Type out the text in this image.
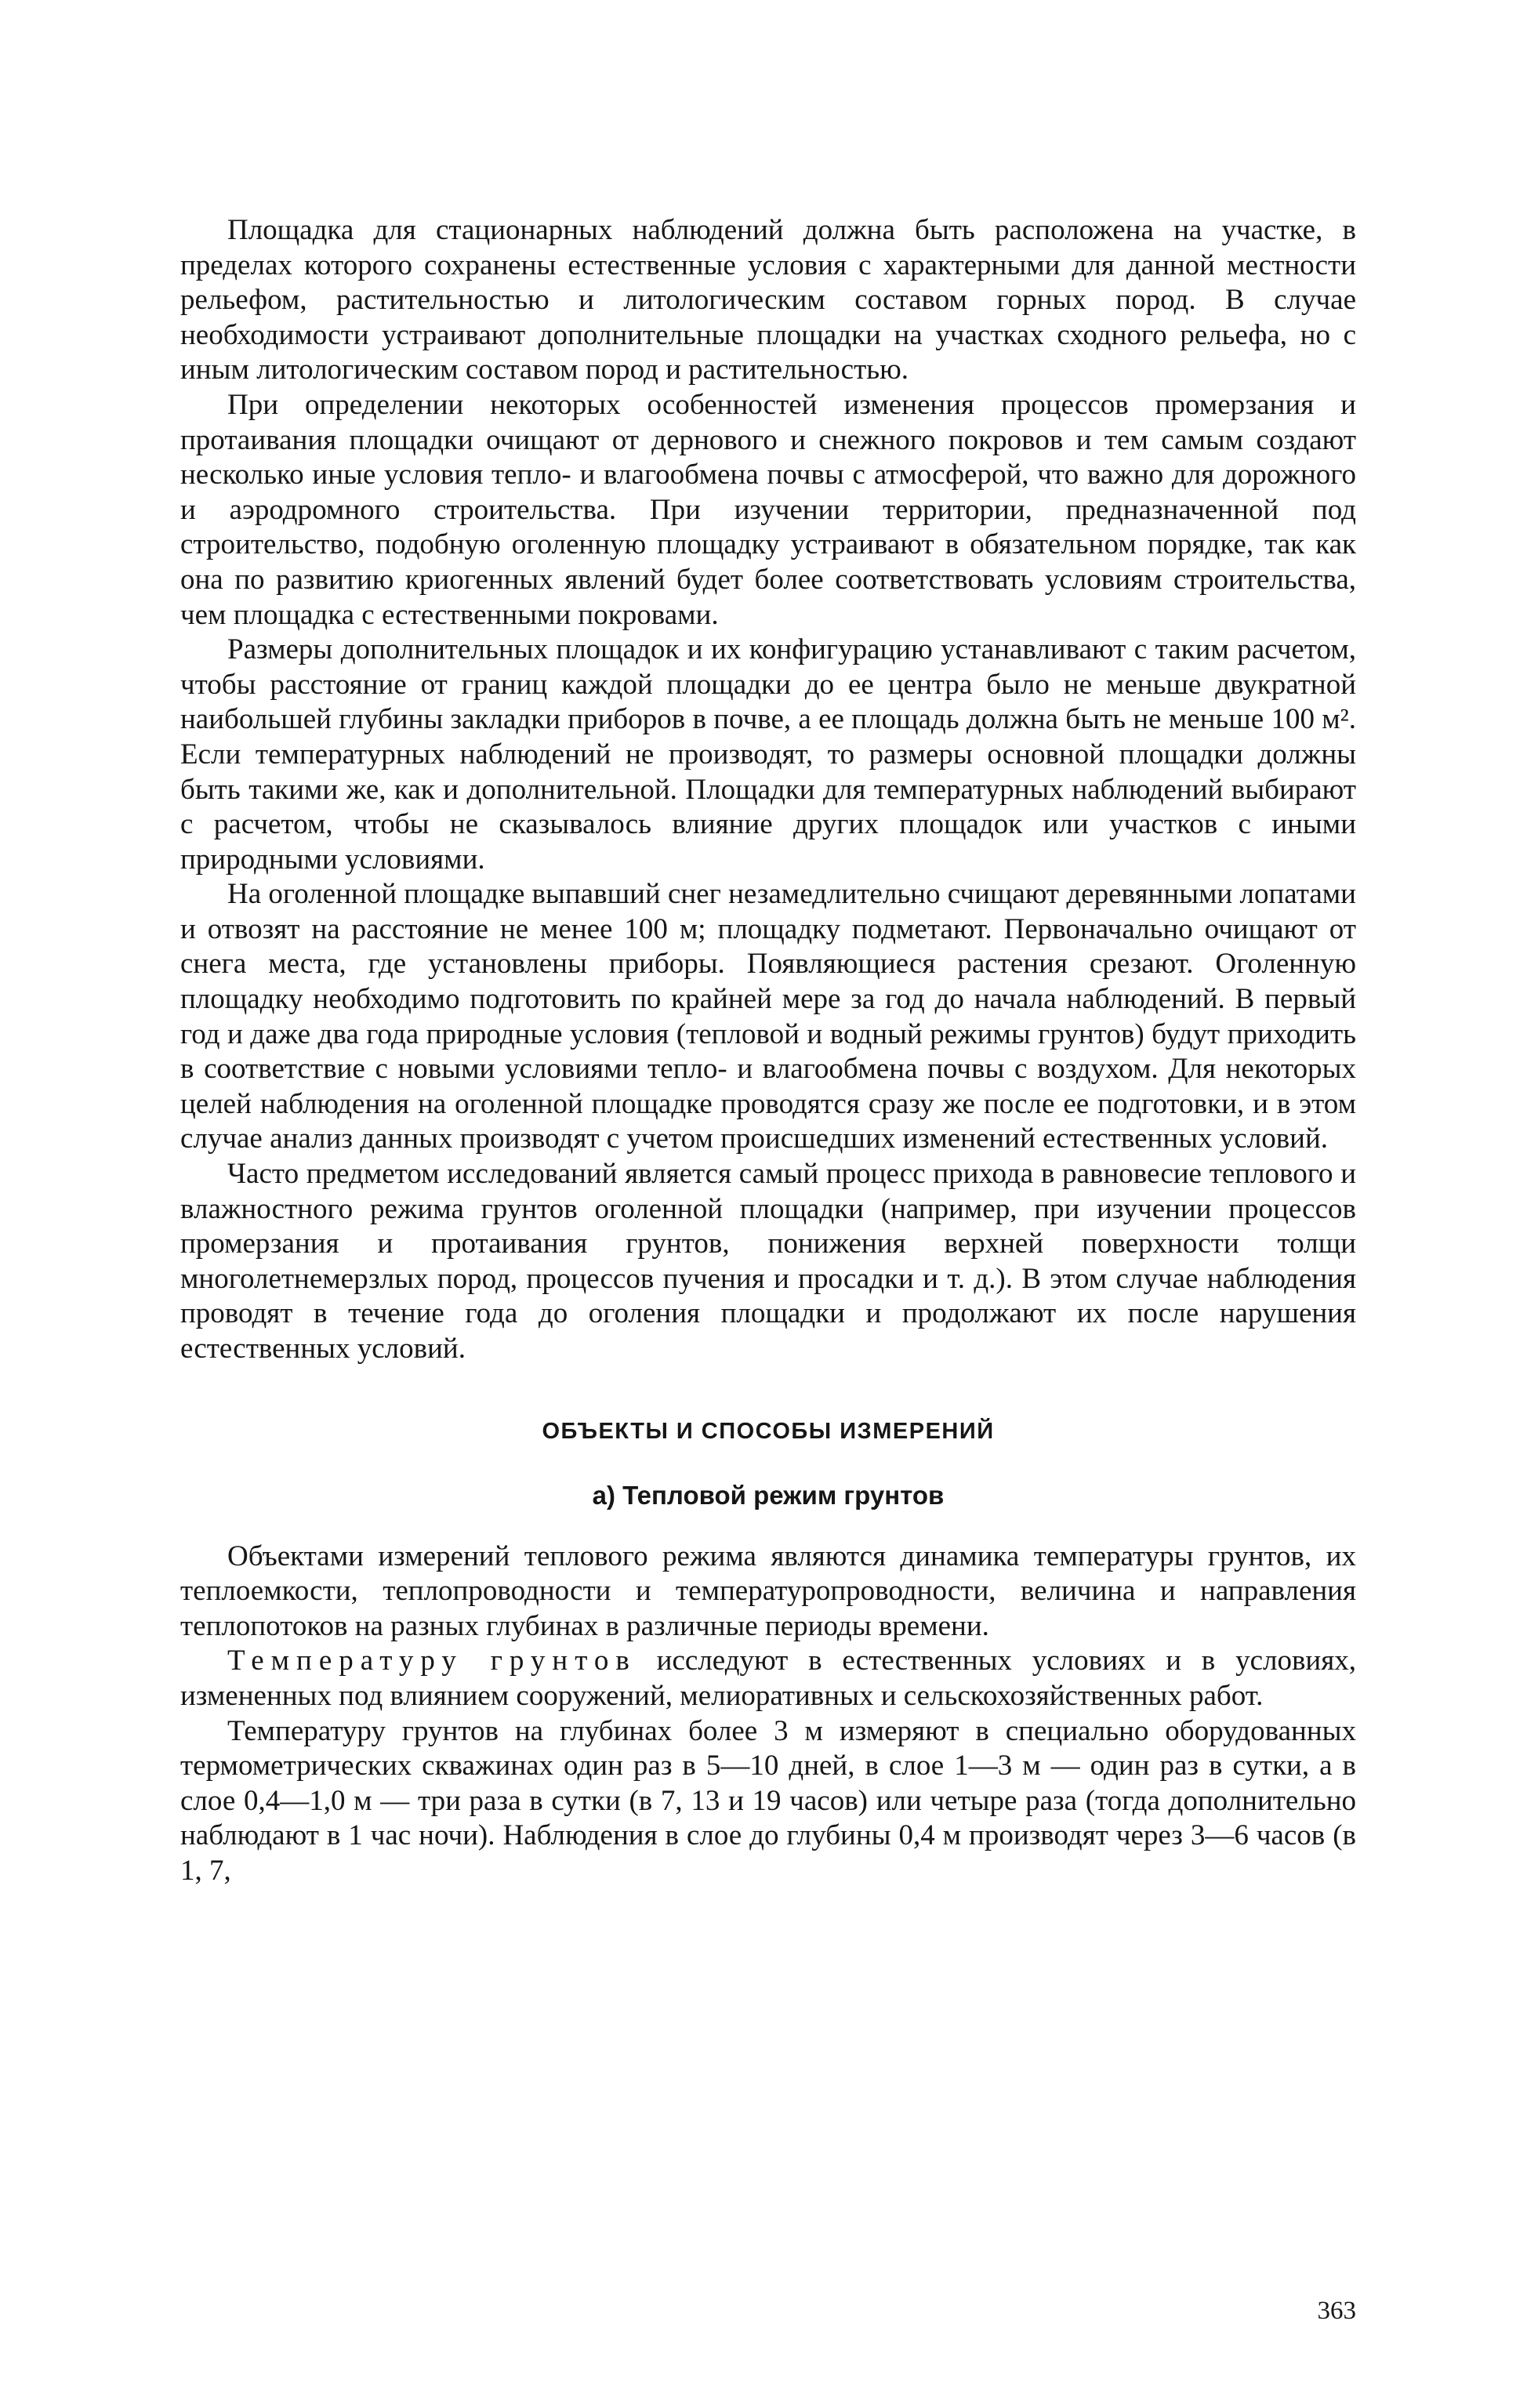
Площадка для стационарных наблюдений должна быть расположена на участке, в пределах которого сохранены естественные условия с характерными для данной местности рельефом, растительностью и литологическим составом горных пород. В случае необходимости устраивают дополнительные площадки на участках сходного рельефа, но с иным литологическим составом пород и растительностью.

При определении некоторых особенностей изменения процессов промерзания и протаивания площадки очищают от дернового и снежного покровов и тем самым создают несколько иные условия тепло- и влагообмена почвы с атмосферой, что важно для дорожного и аэродромного строительства. При изучении территории, предназначенной под строительство, подобную оголенную площадку устраивают в обязательном порядке, так как она по развитию криогенных явлений будет более соответствовать условиям строительства, чем площадка с естественными покровами.

Размеры дополнительных площадок и их конфигурацию устанавливают с таким расчетом, чтобы расстояние от границ каждой площадки до ее центра было не меньше двукратной наибольшей глубины закладки приборов в почве, а ее площадь должна быть не меньше 100 м². Если температурных наблюдений не производят, то размеры основной площадки должны быть такими же, как и дополнительной. Площадки для температурных наблюдений выбирают с расчетом, чтобы не сказывалось влияние других площадок или участков с иными природными условиями.

На оголенной площадке выпавший снег незамедлительно счищают деревянными лопатами и отвозят на расстояние не менее 100 м; площадку подметают. Первоначально очищают от снега места, где установлены приборы. Появляющиеся растения срезают. Оголенную площадку необходимо подготовить по крайней мере за год до начала наблюдений. В первый год и даже два года природные условия (тепловой и водный режимы грунтов) будут приходить в соответствие с новыми условиями тепло- и влагообмена почвы с воздухом. Для некоторых целей наблюдения на оголенной площадке проводятся сразу же после ее подготовки, и в этом случае анализ данных производят с учетом происшедших изменений естественных условий.

Часто предметом исследований является самый процесс прихода в равновесие теплового и влажностного режима грунтов оголенной площадки (например, при изучении процессов промерзания и протаивания грунтов, понижения верхней поверхности толщи многолетнемерзлых пород, процессов пучения и просадки и т. д.). В этом случае наблюдения проводят в течение года до оголения площадки и продолжают их после нарушения естественных условий.

ОБЪЕКТЫ И СПОСОБЫ ИЗМЕРЕНИЙ
а) Тепловой режим грунтов

Объектами измерений теплового режима являются динамика температуры грунтов, их теплоемкости, теплопроводности и температуропроводности, величина и направления теплопотоков на разных глубинах в различные периоды времени.

Температуру грунтов исследуют в естественных условиях и в условиях, измененных под влиянием сооружений, мелиоративных и сельскохозяйственных работ.

Температуру грунтов на глубинах более 3 м измеряют в специально оборудованных термометрических скважинах один раз в 5—10 дней, в слое 1—3 м — один раз в сутки, а в слое 0,4—1,0 м — три раза в сутки (в 7, 13 и 19 часов) или четыре раза (тогда дополнительно наблюдают в 1 час ночи). Наблюдения в слое до глубины 0,4 м производят через 3—6 часов (в 1, 7,

363
